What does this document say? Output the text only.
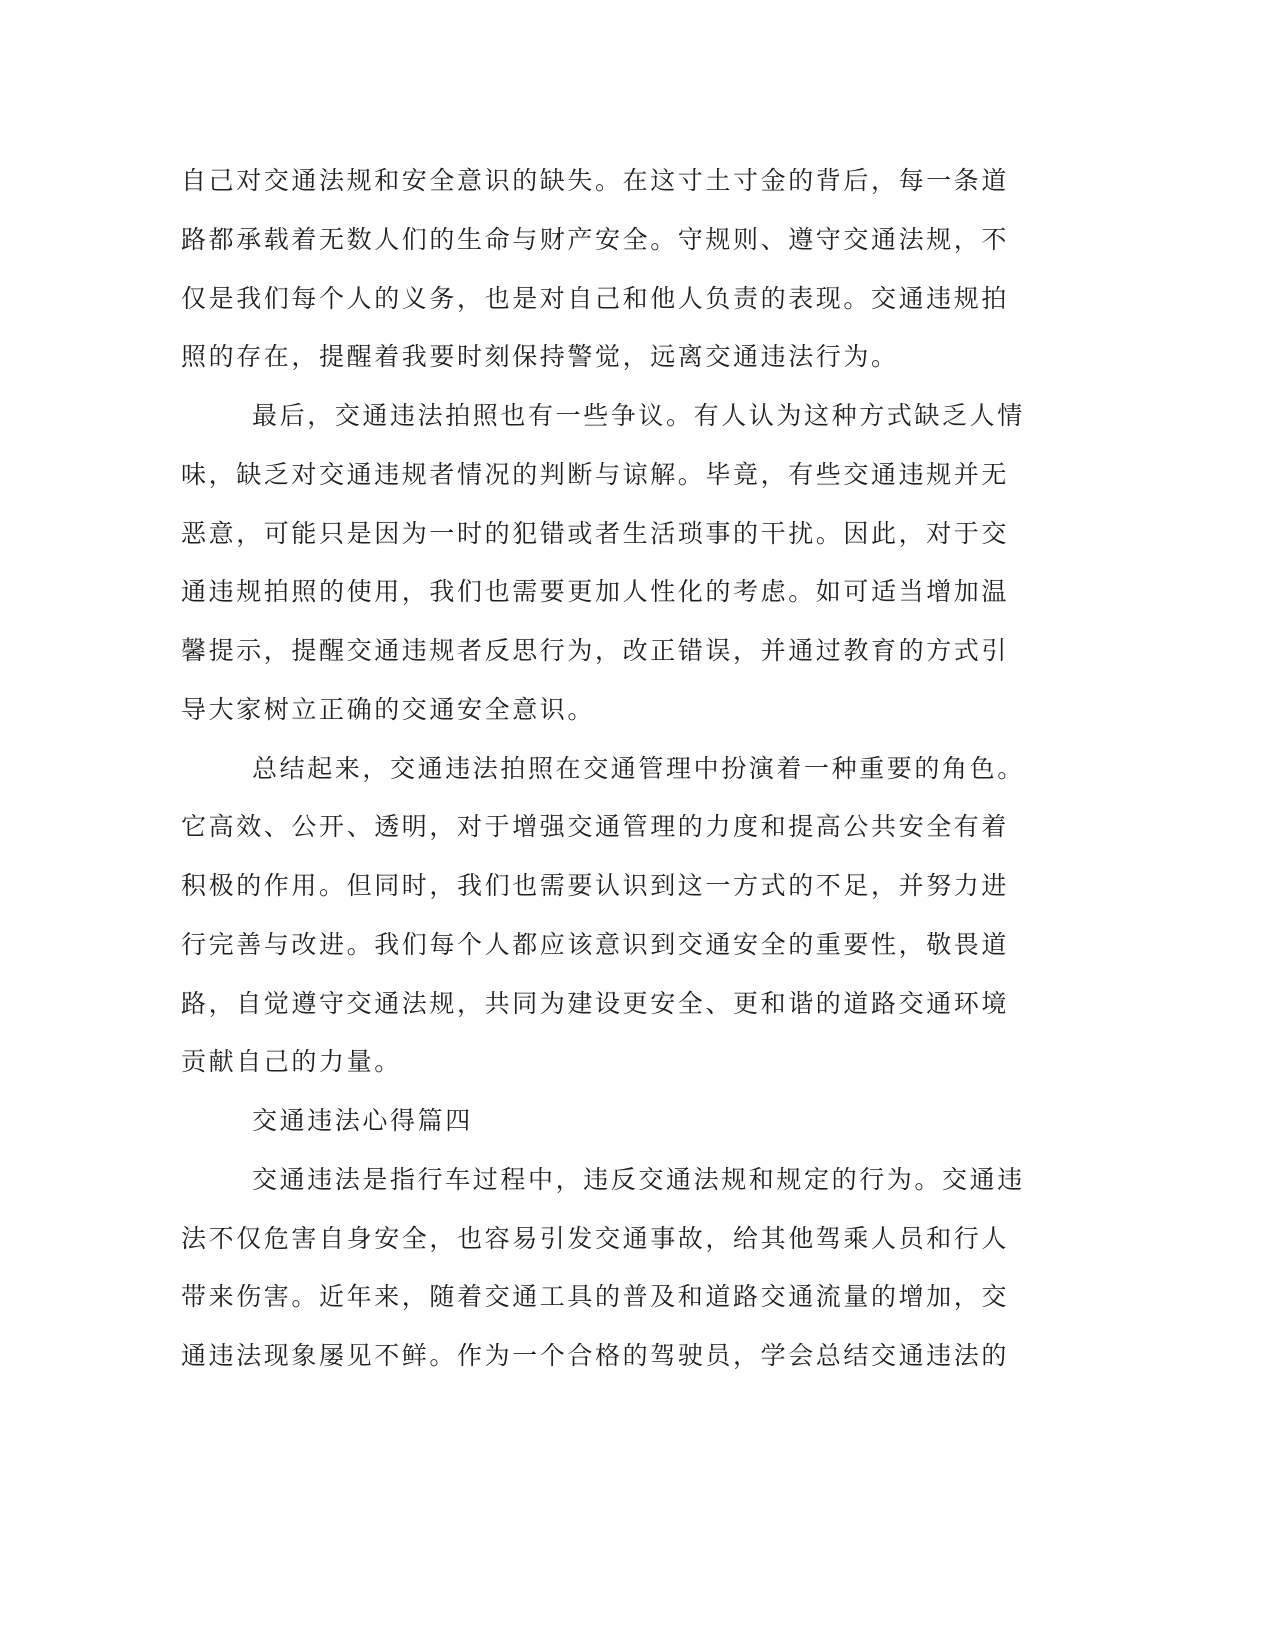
自己对交通法规和安全意识的缺失。在这寸土寸金的背后，每一条道
路都承载着无数人们的生命与财产安全。守规则、遵守交通法规，不
仅是我们每个人的义务，也是对自己和他人负责的表现。交通违规拍
照的存在，提醒着我要时刻保持警觉，远离交通违法行为。
最后，交通违法拍照也有一些争议。有人认为这种方式缺乏人情
味，缺乏对交通违规者情况的判断与谅解。毕竟，有些交通违规并无
恶意，可能只是因为一时的犯错或者生活琐事的干扰。因此，对于交
通违规拍照的使用，我们也需要更加人性化的考虑。如可适当增加温
馨提示，提醒交通违规者反思行为，改正错误，并通过教育的方式引
导大家树立正确的交通安全意识。
总结起来，交通违法拍照在交通管理中扮演着一种重要的角色。
它高效、公开、透明，对于增强交通管理的力度和提高公共安全有着
积极的作用。但同时，我们也需要认识到这一方式的不足，并努力进
行完善与改进。我们每个人都应该意识到交通安全的重要性，敬畏道
路，自觉遵守交通法规，共同为建设更安全、更和谐的道路交通环境
贡献自己的力量。
交通违法心得篇四
交通违法是指行车过程中，违反交通法规和规定的行为。交通违
法不仅危害自身安全，也容易引发交通事故，给其他驾乘人员和行人
带来伤害。近年来，随着交通工具的普及和道路交通流量的增加，交
通违法现象屡见不鲜。作为一个合格的驾驶员，学会总结交通违法的
